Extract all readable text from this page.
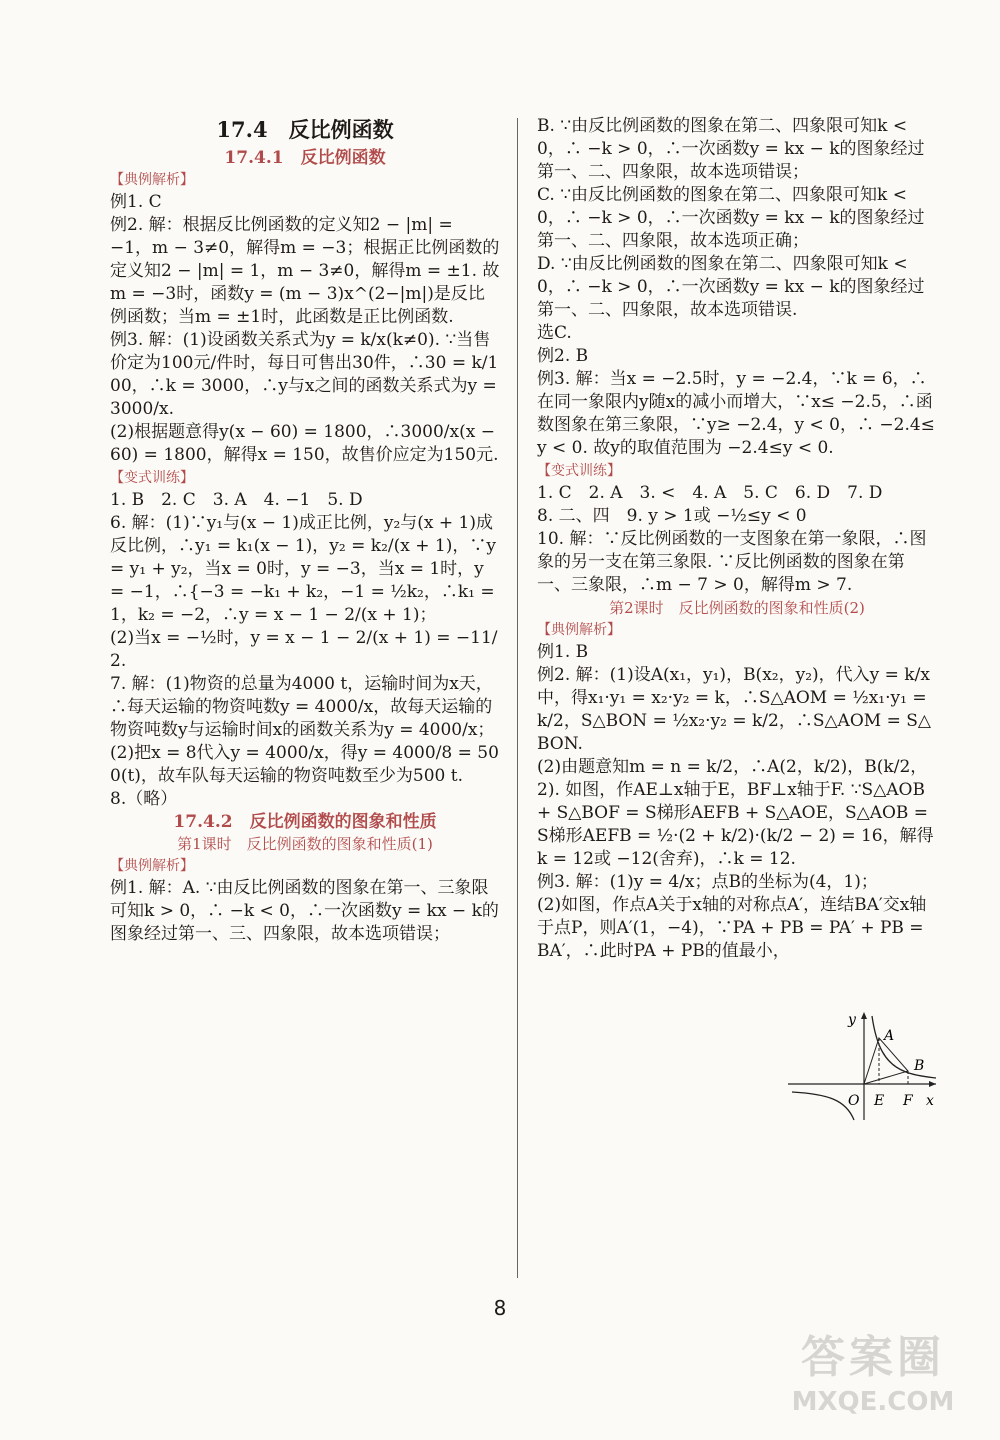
17.4　反比例函数
17.4.1　反比例函数
【典例解析】
例1. C
例2. 解：根据反比例函数的定义知2 − |m| = −1，m − 3≠0，解得m = −3；根据正比例函数的定义知2 − |m| = 1，m − 3≠0，解得m = ±1. 故m = −3时，函数y = (m − 3)x^(2−|m|)是反比例函数；当m = ±1时，此函数是正比例函数.
例3. 解：(1)设函数关系式为y = k/x(k≠0). ∵当售价定为100元/件时，每日可售出30件，∴30 = k/100，∴k = 3000，∴y与x之间的函数关系式为y = 3000/x.
(2)根据题意得y(x − 60) = 1800，∴3000/x(x − 60) = 1800，解得x = 150，故售价应定为150元.
【变式训练】
1. B　2. C　3. A　4. −1　5. D
6. 解：(1)∵y₁与(x − 1)成正比例，y₂与(x + 1)成反比例，∴y₁ = k₁(x − 1)，y₂ = k₂/(x + 1)，∵y = y₁ + y₂，当x = 0时，y = −3，当x = 1时，y = −1，∴{−3 = −k₁ + k₂，−1 = ½k₂，∴k₁ = 1，k₂ = −2，∴y = x − 1 − 2/(x + 1)；
(2)当x = −½时，y = x − 1 − 2/(x + 1) = −11/2.
7. 解：(1)物资的总量为4000 t，运输时间为x天，∴每天运输的物资吨数y = 4000/x，故每天运输的物资吨数y与运输时间x的函数关系为y = 4000/x；
(2)把x = 8代入y = 4000/x，得y = 4000/8 = 500(t)，故车队每天运输的物资吨数至少为500 t.
8.（略）
17.4.2　反比例函数的图象和性质
第1课时　反比例函数的图象和性质(1)
【典例解析】
例1. 解：A. ∵由反比例函数的图象在第一、三象限可知k > 0，∴ −k < 0，∴一次函数y = kx − k的图象经过第一、三、四象限，故本选项错误；
B. ∵由反比例函数的图象在第二、四象限可知k < 0，∴ −k > 0，∴一次函数y = kx − k的图象经过第一、二、四象限，故本选项错误；
C. ∵由反比例函数的图象在第二、四象限可知k < 0，∴ −k > 0，∴一次函数y = kx − k的图象经过第一、二、四象限，故本选项正确；
D. ∵由反比例函数的图象在第二、四象限可知k < 0，∴ −k > 0，∴一次函数y = kx − k的图象经过第一、二、四象限，故本选项错误.
选C.
例2. B
例3. 解：当x = −2.5时，y = −2.4，∵k = 6，∴在同一象限内y随x的减小而增大，∵x≤ −2.5，∴函数图象在第三象限，∵y≥ −2.4，y < 0，∴ −2.4≤y < 0. 故y的取值范围为 −2.4≤y < 0.
【变式训练】
1. C　2. A　3. <　4. A　5. C　6. D　7. D
8. 二、四　9. y > 1或 −½≤y < 0
10. 解：∵反比例函数的一支图象在第一象限，∴图象的另一支在第三象限. ∵反比例函数的图象在第一、三象限，∴m − 7 > 0，解得m > 7.
第2课时　反比例函数的图象和性质(2)
【典例解析】
例1. B
例2. 解：(1)设A(x₁，y₁)，B(x₂，y₂)，代入y = k/x中，得x₁·y₁ = x₂·y₂ = k，∴S△AOM = ½x₁·y₁ = k/2，S△BON = ½x₂·y₂ = k/2，∴S△AOM = S△BON.
(2)由题意知m = n = k/2，∴A(2，k/2)，B(k/2，2). 如图，作AE⊥x轴于E，BF⊥x轴于F. ∵S△AOB + S△BOF = S梯形AEFB + S△AOE，S△AOB = S梯形AEFB = ½·(2 + k/2)·(k/2 − 2) = 16，解得k = 12或 −12(舍弃)，∴k = 12.
例3. 解：(1)y = 4/x；点B的坐标为(4，1)；
(2)如图，作点A关于x轴的对称点A′，连结BA′交x轴于点P，则A′(1，−4)，∵PA + PB = PA′ + PB = BA′，∴此时PA + PB的值最小，
y
x
O
A
B
E F
8
答案圈
MXQE.COM
